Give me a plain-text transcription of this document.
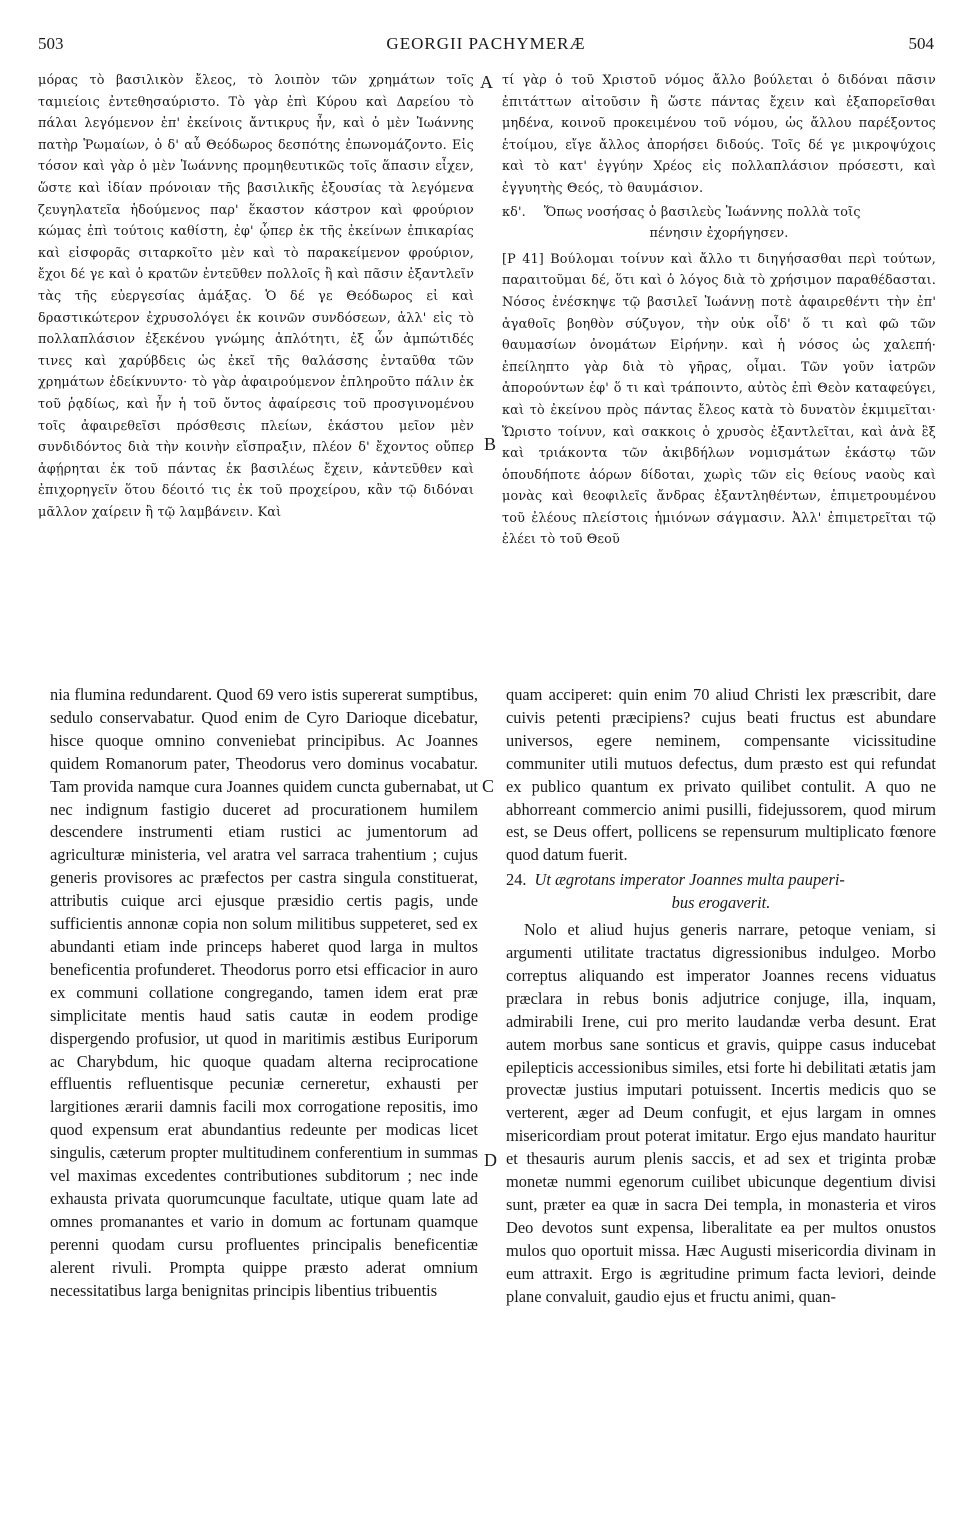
503	GEORGII PACHYMERÆ	504

μόρας τὸ βασιλικὸν ἔλεος, τὸ λοιπὸν τῶν χρημάτων τοῖς ταμιείοις ἐντεθησαύριστο. Τὸ γὰρ ἐπὶ Κύρου καὶ Δαρείου τὸ πάλαι λεγόμενον ἐπ' ἐκείνοις ἄντικρυς ἦν, καὶ ὁ μὲν Ἰωάννης πατὴρ Ῥωμαίων, ὁ δ' αὖ Θεόδωρος δεσπότης ἐπωνομάζοντο. Εἰς τόσον καὶ γὰρ ὁ μὲν Ἰωάννης προμηθευτικῶς τοῖς ἅπασιν εἶχεν, ὥστε καὶ ἰδίαν πρόνοιαν τῆς βασιλικῆς ἐξουσίας τὰ λεγόμενα ζευγηλατεῖα ἡδούμενος παρ' ἕκαστον κάστρον καὶ φρούριον κώμας ἐπὶ τούτοις καθίστη, ἐφ' ᾧπερ ἐκ τῆς ἐκείνων ἐπικαρίας καὶ εἰσφορᾶς σιταρκοῖτο μὲν καὶ τὸ παρακείμενον φρούριον, ἔχοι δέ γε καὶ ὁ κρατῶν ἐντεῦθεν πολλοῖς ἢ καὶ πᾶσιν ἐξαντλεῖν τὰς τῆς εὐεργεσίας ἁμάξας. Ὁ δέ γε Θεόδωρος εἰ καὶ δραστικώτερον ἐχρυσολόγει ἐκ κοινῶν συνδόσεων, ἀλλ' εἰς τὸ πολλαπλάσιον ἐξεκένου γνώμης ἁπλότητι, ἐξ ὧν ἀμπώτιδές τινες καὶ χαρύβδεις ὡς ἐκεῖ τῆς θαλάσσης ἐνταῦθα τῶν χρημάτων ἐδείκνυντο· τὸ γὰρ ἀφαιρούμενον ἐπληροῦτο πάλιν ἐκ τοῦ ῥᾳδίως, καὶ ἦν ἡ τοῦ ὄντος ἀφαίρεσις τοῦ προσγινομένου τοῖς ἀφαιρεθεῖσι πρόσθεσις πλείων, ἑκάστου μεῖον μὲν συνδιδόντος διὰ τὴν κοινὴν εἴσπραξιν, πλέον δ' ἔχοντος οὔπερ ἀφῄρηται ἐκ τοῦ πάντας ἐκ βασιλέως ἔχειν, κἀντεῦθεν καὶ ἐπιχορηγεῖν ὅτου δέοιτό τις ἐκ τοῦ προχείρου, κἂν τῷ διδόναι μᾶλλον χαίρειν ἢ τῷ λαμβάνειν. Καὶ

τί γὰρ ὁ τοῦ Χριστοῦ νόμος ἄλλο βούλεται ὁ διδόναι πᾶσιν ἐπιτάττων αἰτοῦσιν ἢ ὥστε πάντας ἔχειν καὶ ἐξαπορεῖσθαι μηδένα, κοινοῦ προκειμένου τοῦ νόμου, ὡς ἄλλου παρέξοντος ἑτοίμου, εἴγε ἄλλος ἀπορήσει διδούς. Τοῖς δέ γε μικροψύχοις καὶ τὸ κατ' ἐγγύην Χρέος εἰς πολλαπλάσιον πρόσεστι, καὶ ἐγγυητὴς Θεός, τὸ θαυμάσιον.

κδ'. Ὅπως νοσήσας ὁ βασιλεὺς Ἰωάννης πολλὰ τοῖς
πένησιν ἐχορήγησεν.

[P 41] Βούλομαι τοίνυν καὶ ἄλλο τι διηγήσασθαι περὶ τούτων, παραιτοῦμαι δέ, ὅτι καὶ ὁ λόγος διὰ τὸ χρήσιμον παραθέδασται. Νόσος ἐνέσκηψε τῷ βασιλεῖ Ἰωάννῃ ποτὲ ἀφαιρεθέντι τὴν ἐπ' ἀγαθοῖς βοηθὸν σύζυγον, τὴν οὐκ οἶδ' ὅ τι καὶ φῶ τῶν θαυμασίων ὀνομάτων Εἰρήνην. καὶ ἡ νόσος ὡς χαλεπή· ἐπείληπτο γὰρ διὰ τὸ γῆρας, οἶμαι. Τῶν γοῦν ἰατρῶν ἀπορούντων ἐφ' ὅ τι καὶ τράποιντο, αὐτὸς ἐπὶ Θεὸν καταφεύγει, καὶ τὸ ἐκείνου πρὸς πάντας ἔλεος κατὰ τὸ δυνατὸν ἐκμιμεῖται· Ὥριστο τοίνυν, καὶ σακκοις ὁ χρυσὸς ἐξαντλεῖται, καὶ ἀνὰ ἓξ καὶ τριάκοντα τῶν ἀκιβδήλων νομισμάτων ἑκάστῳ τῶν ὁπουδήποτε ἀόρων δίδοται, χωρὶς τῶν εἰς θείους ναοὺς καὶ μονὰς καὶ θεοφιλεῖς ἄνδρας ἐξαντληθέντων, ἐπιμετρουμένου τοῦ ἐλέους πλείστοις ἡμιόνων σάγμασιν. Ἀλλ' ἐπιμετρεῖται τῷ ἐλέει τὸ τοῦ Θεοῦ

A
B
C
D

nia flumina redundarent. Quod 69 vero istis supererat sumptibus, sedulo conservabatur. Quod enim de Cyro Darioque dicebatur, hisce quoque omnino conveniebat principibus. Ac Joannes quidem Romanorum pater, Theodorus vero dominus vocabatur. Tam provida namque cura Joannes quidem cuncta gubernabat, ut nec indignum fastigio duceret ad procurationem humilem descendere instrumenti etiam rustici ac jumentorum ad agriculturæ ministeria, vel aratra vel sarraca trahentium ; cujus generis provisores ac præfectos per castra singula constituerat, attributis cuique arci ejusque præsidio certis pagis, unde sufficientis annonæ copia non solum militibus suppeteret, sed ex abundanti etiam inde princeps haberet quod larga in multos beneficentia profunderet. Theodorus porro etsi efficacior in auro ex communi collatione congregando, tamen idem erat præ simplicitate mentis haud satis cautæ in eodem prodige dispergendo profusior, ut quod in maritimis æstibus Euriporum ac Charybdum, hic quoque quadam alterna reciprocatione effluentis refluentisque pecuniæ cerneretur, exhausti per largitiones ærarii damnis facili mox corrogatione repositis, imo quod expensum erat abundantius redeunte per modicas licet singulis, cæterum propter multitudinem conferentium in summas vel maximas excedentes contributiones subditorum ; nec inde exhausta privata quorumcunque facultate, utique quam late ad omnes promanantes et vario in domum ac fortunam quamque perenni quodam cursu profluentes principalis beneficentiæ alerent rivuli. Prompta quippe præsto aderat omnium necessitatibus larga benignitas principis libentius tribuentis

quam acciperet: quin enim 70 aliud Christi lex præscribit, dare cuivis petenti præcipiens? cujus beati fructus est abundare universos, egere neminem, compensante vicissitudine communiter utili mutuos defectus, dum præsto est qui refundat ex publico quantum ex privato quilibet contulit. A quo ne abhorreant commercio animi pusilli, fidejussorem, quod mirum est, se Deus offert, pollicens se repensurum multiplicato fœnore quod datum fuerit.

24. Ut ægrotans imperator Joannes multa pauperi-
bus erogaverit.

Nolo et aliud hujus generis narrare, petoque veniam, si argumenti utilitate tractatus digressionibus indulgeo. Morbo correptus aliquando est imperator Joannes recens viduatus præclara in rebus bonis adjutrice conjuge, illa, inquam, admirabili Irene, cui pro merito laudandæ verba desunt. Erat autem morbus sane sonticus et gravis, quippe casus inducebat epilepticis accessionibus similes, etsi forte hi debilitati ætatis jam provectæ justius imputari potuissent. Incertis medicis quo se verterent, æger ad Deum confugit, et ejus largam in omnes misericordiam prout poterat imitatur. Ergo ejus mandato hauritur et thesauris aurum plenis saccis, et ad sex et triginta probæ monetæ nummi egenorum cuilibet ubicunque degentium divisi sunt, præter ea quæ in sacra Dei templa, in monasteria et viros Deo devotos sunt expensa, liberalitate ea per multos onustos mulos quo oportuit missa. Hæc Augusti misericordia divinam in eum attraxit. Ergo is ægritudine primum facta leviori, deinde plane convaluit, gaudio ejus et fructu animi, quan-
